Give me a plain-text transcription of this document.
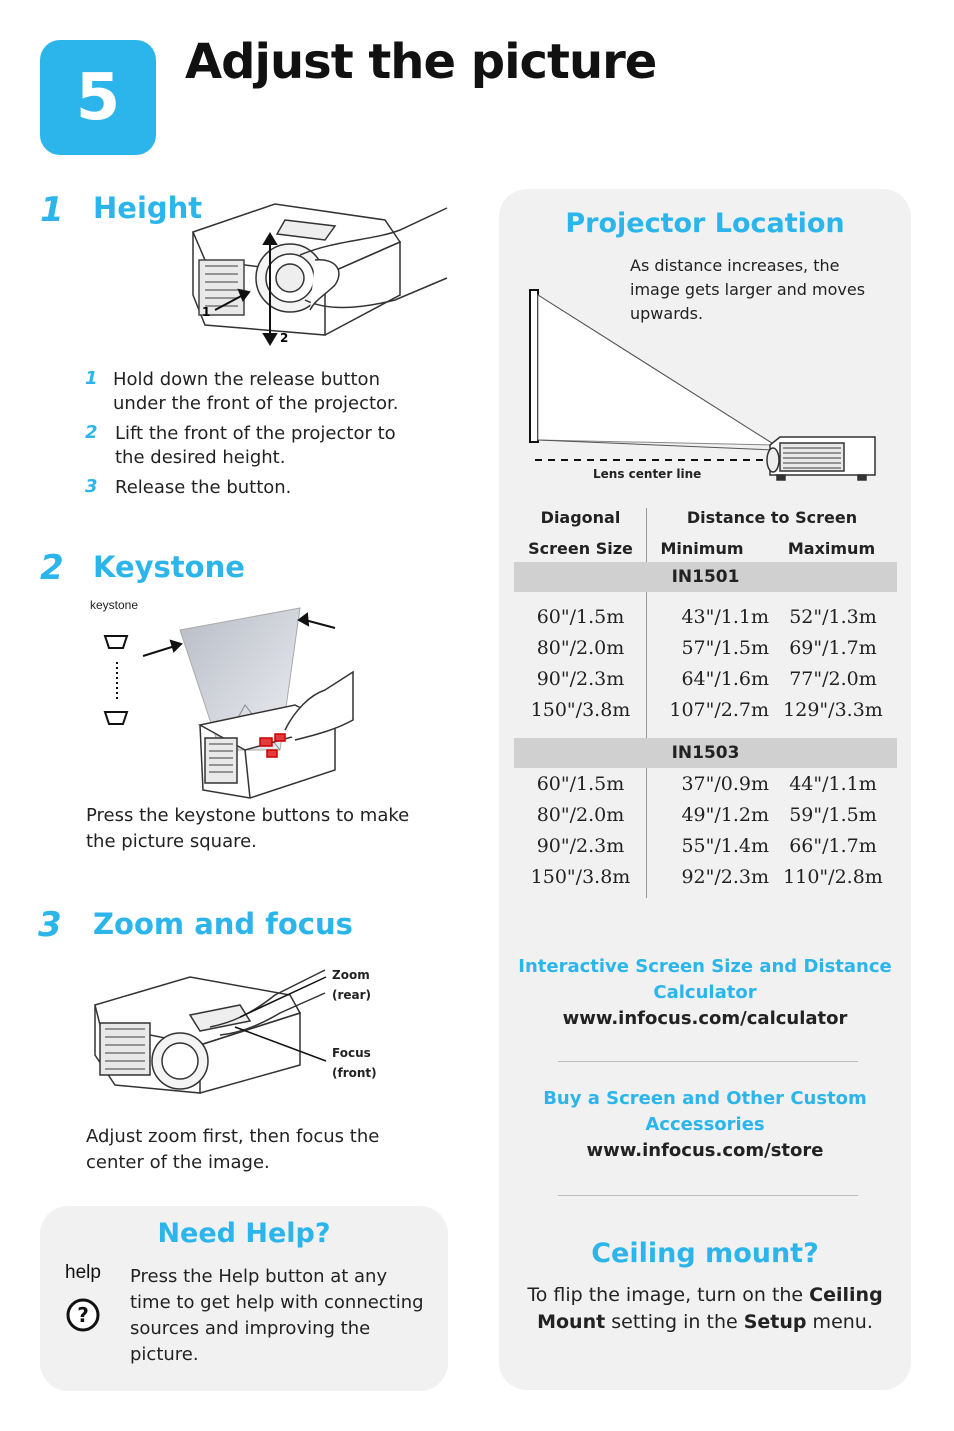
5	Adjust the picture
1 Height
1
2
1 Hold down the release button
under the front of the projector.
2 Lift the front of the projector to
the desired height.
3 Release the button.
2 Keystone
keystone
Press the keystone buttons to make
the picture square.
3 Zoom and focus
Zoom
(rear)
Focus
(front)
Adjust zoom first, then focus the
center of the image.
Need Help?
help
?
Press the Help button at any
time to get help with connecting
sources and improving the
picture.
Projector Location
As distance increases, the
image gets larger and moves
upwards.
Lens center line
Diagonal
Screen Size
Distance to Screen
Minimum	Maximum
IN1501
60"/1.5m	43"/1.1m	52"/1.3m
80"/2.0m	57"/1.5m	69"/1.7m
90"/2.3m	64"/1.6m	77"/2.0m
150"/3.8m	107"/2.7m 129"/3.3m
IN1503
60"/1.5m	37"/0.9m	44"/1.1m
80"/2.0m	49"/1.2m	59"/1.5m
90"/2.3m	55"/1.4m	66"/1.7m
150"/3.8m	92"/2.3m 110"/2.8m
Interactive Screen Size and Distance
Calculator
www.infocus.com/calculator
Buy a Screen and Other Custom
Accessories
www.infocus.com/store
Ceiling mount?
To flip the image, turn on the Ceiling
Mount setting in the Setup menu.
